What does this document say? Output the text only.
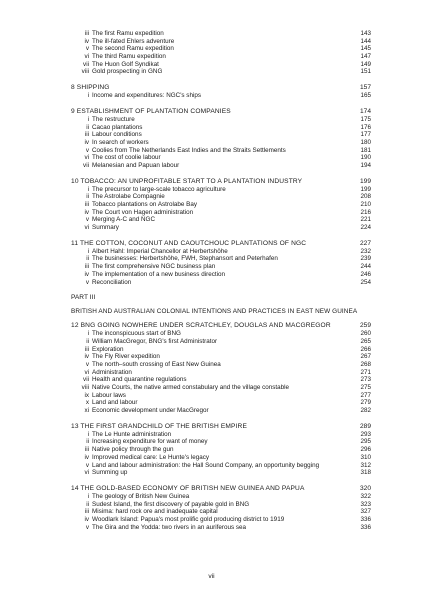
iii The first Ramu expedition	143
iv The ill-fated Ehlers adventure	144
v The second Ramu expedition	145
vi The third Ramu expedition	147
vii The Huon Golf Syndikat	149
viii Gold prospecting in GNG	151
8 SHIPPING	157
i Income and expenditures: NGC's ships	165
9 ESTABLISHMENT OF PLANTATION COMPANIES	174
i The restructure	175
ii Cacao plantations	176
iii Labour conditions	177
iv In search of workers	180
v Coolies from The Netherlands East Indies and the Straits Settlements	181
vi The cost of coolie labour	190
vii Melanesian and Papuan labour	194
10 TOBACCO: AN UNPROFITABLE START TO A PLANTATION INDUSTRY	199
i The precursor to large-scale tobacco agriculture	199
ii The Astrolabe Compagnie	208
iii Tobacco plantations on Astrolabe Bay	210
iv The Court von Hagen administration	216
v Merging A-C and NGC	221
vi Summary	224
11 THE COTTON, COCONUT AND CAOUTCHOUC PLANTATIONS OF NGC	227
i Albert Hahl: Imperial Chancellor at Herbertshöhe	232
ii The businesses: Herbertshöhe, FWH, Stephansort and Peterhafen	239
iii The first comprehensive NGC business plan	244
iv The implementation of a new business direction	246
v Reconciliation	254
PART III
BRITISH AND AUSTRALIAN COLONIAL INTENTIONS AND PRACTICES IN EAST NEW GUINEA
12 BNG GOING NOWHERE UNDER SCRATCHLEY, DOUGLAS AND MACGREGOR	259
i The inconspicuous start of BNG	260
ii William MacGregor, BNG's first Administrator	265
iii Exploration	266
iv The Fly River expedition	267
v The north–south crossing of East New Guinea	268
vi Administration	271
vii Health and quarantine regulations	273
viii Native Courts, the native armed constabulary and the village constable	275
ix Labour laws	277
x Land and labour	279
xi Economic development under MacGregor	282
13 THE FIRST GRANDCHILD OF THE BRITISH EMPIRE	289
i The Le Hunte administration	293
ii Increasing expenditure for want of money	295
iii Native policy through the gun	296
iv Improved medical care: Le Hunte's legacy	310
v Land and labour administration: the Hall Sound Company, an opportunity begging	312
vi Summing up	318
14 THE GOLD-BASED ECONOMY OF BRITISH NEW GUINEA AND PAPUA	320
i The geology of British New Guinea	322
ii Sudest Island, the first discovery of payable gold in BNG	323
iii Misima: hard rock ore and inadequate capital	327
iv Woodlark Island: Papua's most prolific gold producing district to 1919	336
v The Gira and the Yodda: two rivers in an auriferous sea	336
vii
